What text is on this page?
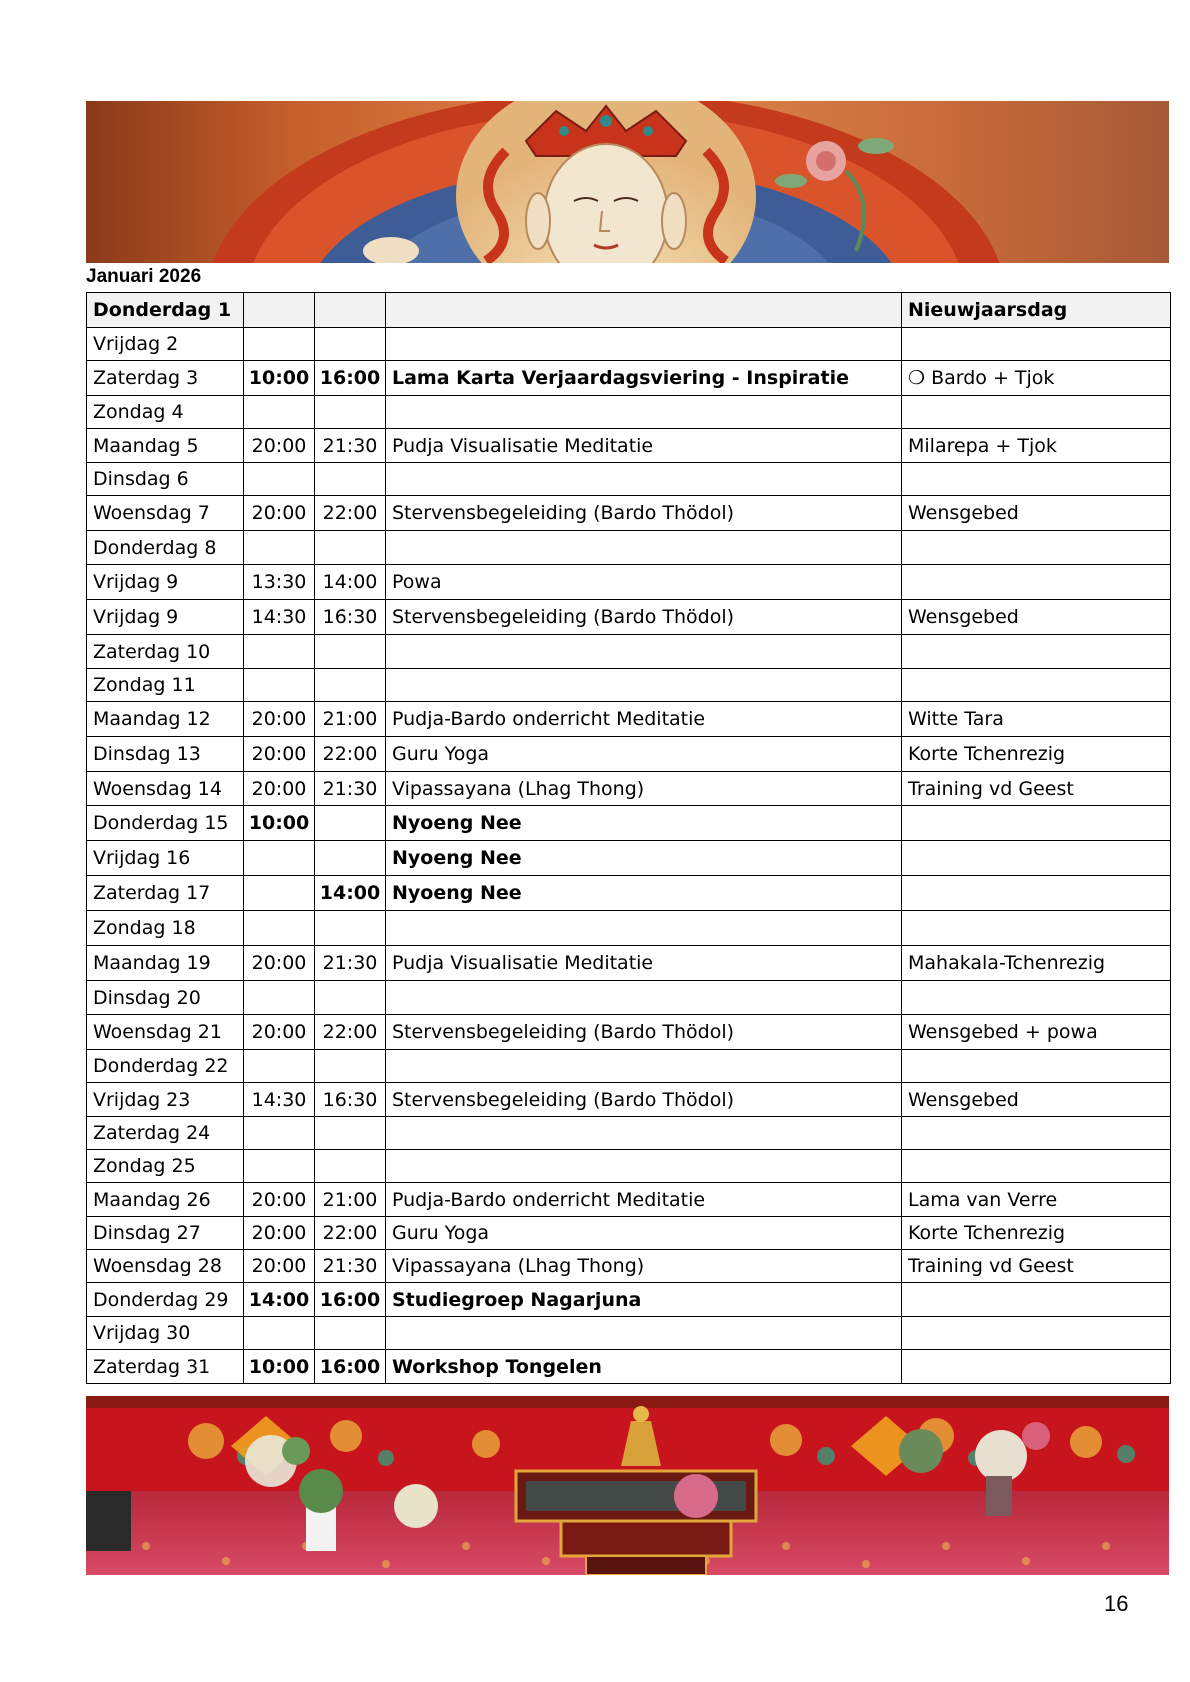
Januari 2026
Donderdag 1				Nieuwjaarsdag
Vrijdag 2				
Zaterdag 3	10:00	16:00	Lama Karta Verjaardagsviering - Inspiratie	❍ Bardo + Tjok
Zondag 4				
Maandag 5	20:00	21:30	Pudja Visualisatie Meditatie	Milarepa + Tjok
Dinsdag 6				
Woensdag 7	20:00	22:00	Stervensbegeleiding (Bardo Thödol)	Wensgebed
Donderdag 8				
Vrijdag 9	13:30	14:00	Powa	
Vrijdag 9	14:30	16:30	Stervensbegeleiding (Bardo Thödol)	Wensgebed
Zaterdag 10				
Zondag 11				
Maandag 12	20:00	21:00	Pudja-Bardo onderricht Meditatie	Witte Tara
Dinsdag 13	20:00	22:00	Guru Yoga	Korte Tchenrezig
Woensdag 14	20:00	21:30	Vipassayana (Lhag Thong)	Training vd Geest
Donderdag 15	10:00		Nyoeng Nee	
Vrijdag 16			Nyoeng Nee	
Zaterdag 17		14:00	Nyoeng Nee	
Zondag 18				
Maandag 19	20:00	21:30	Pudja Visualisatie Meditatie	Mahakala-Tchenrezig
Dinsdag 20				
Woensdag 21	20:00	22:00	Stervensbegeleiding (Bardo Thödol)	Wensgebed + powa
Donderdag 22				
Vrijdag 23	14:30	16:30	Stervensbegeleiding (Bardo Thödol)	Wensgebed
Zaterdag 24				
Zondag 25				
Maandag 26	20:00	21:00	Pudja-Bardo onderricht Meditatie	Lama van Verre
Dinsdag 27	20:00	22:00	Guru Yoga	Korte Tchenrezig
Woensdag 28	20:00	21:30	Vipassayana (Lhag Thong)	Training vd Geest
Donderdag 29	14:00	16:00	Studiegroep Nagarjuna	
Vrijdag 30				
Zaterdag 31	10:00	16:00	Workshop Tongelen	
16
